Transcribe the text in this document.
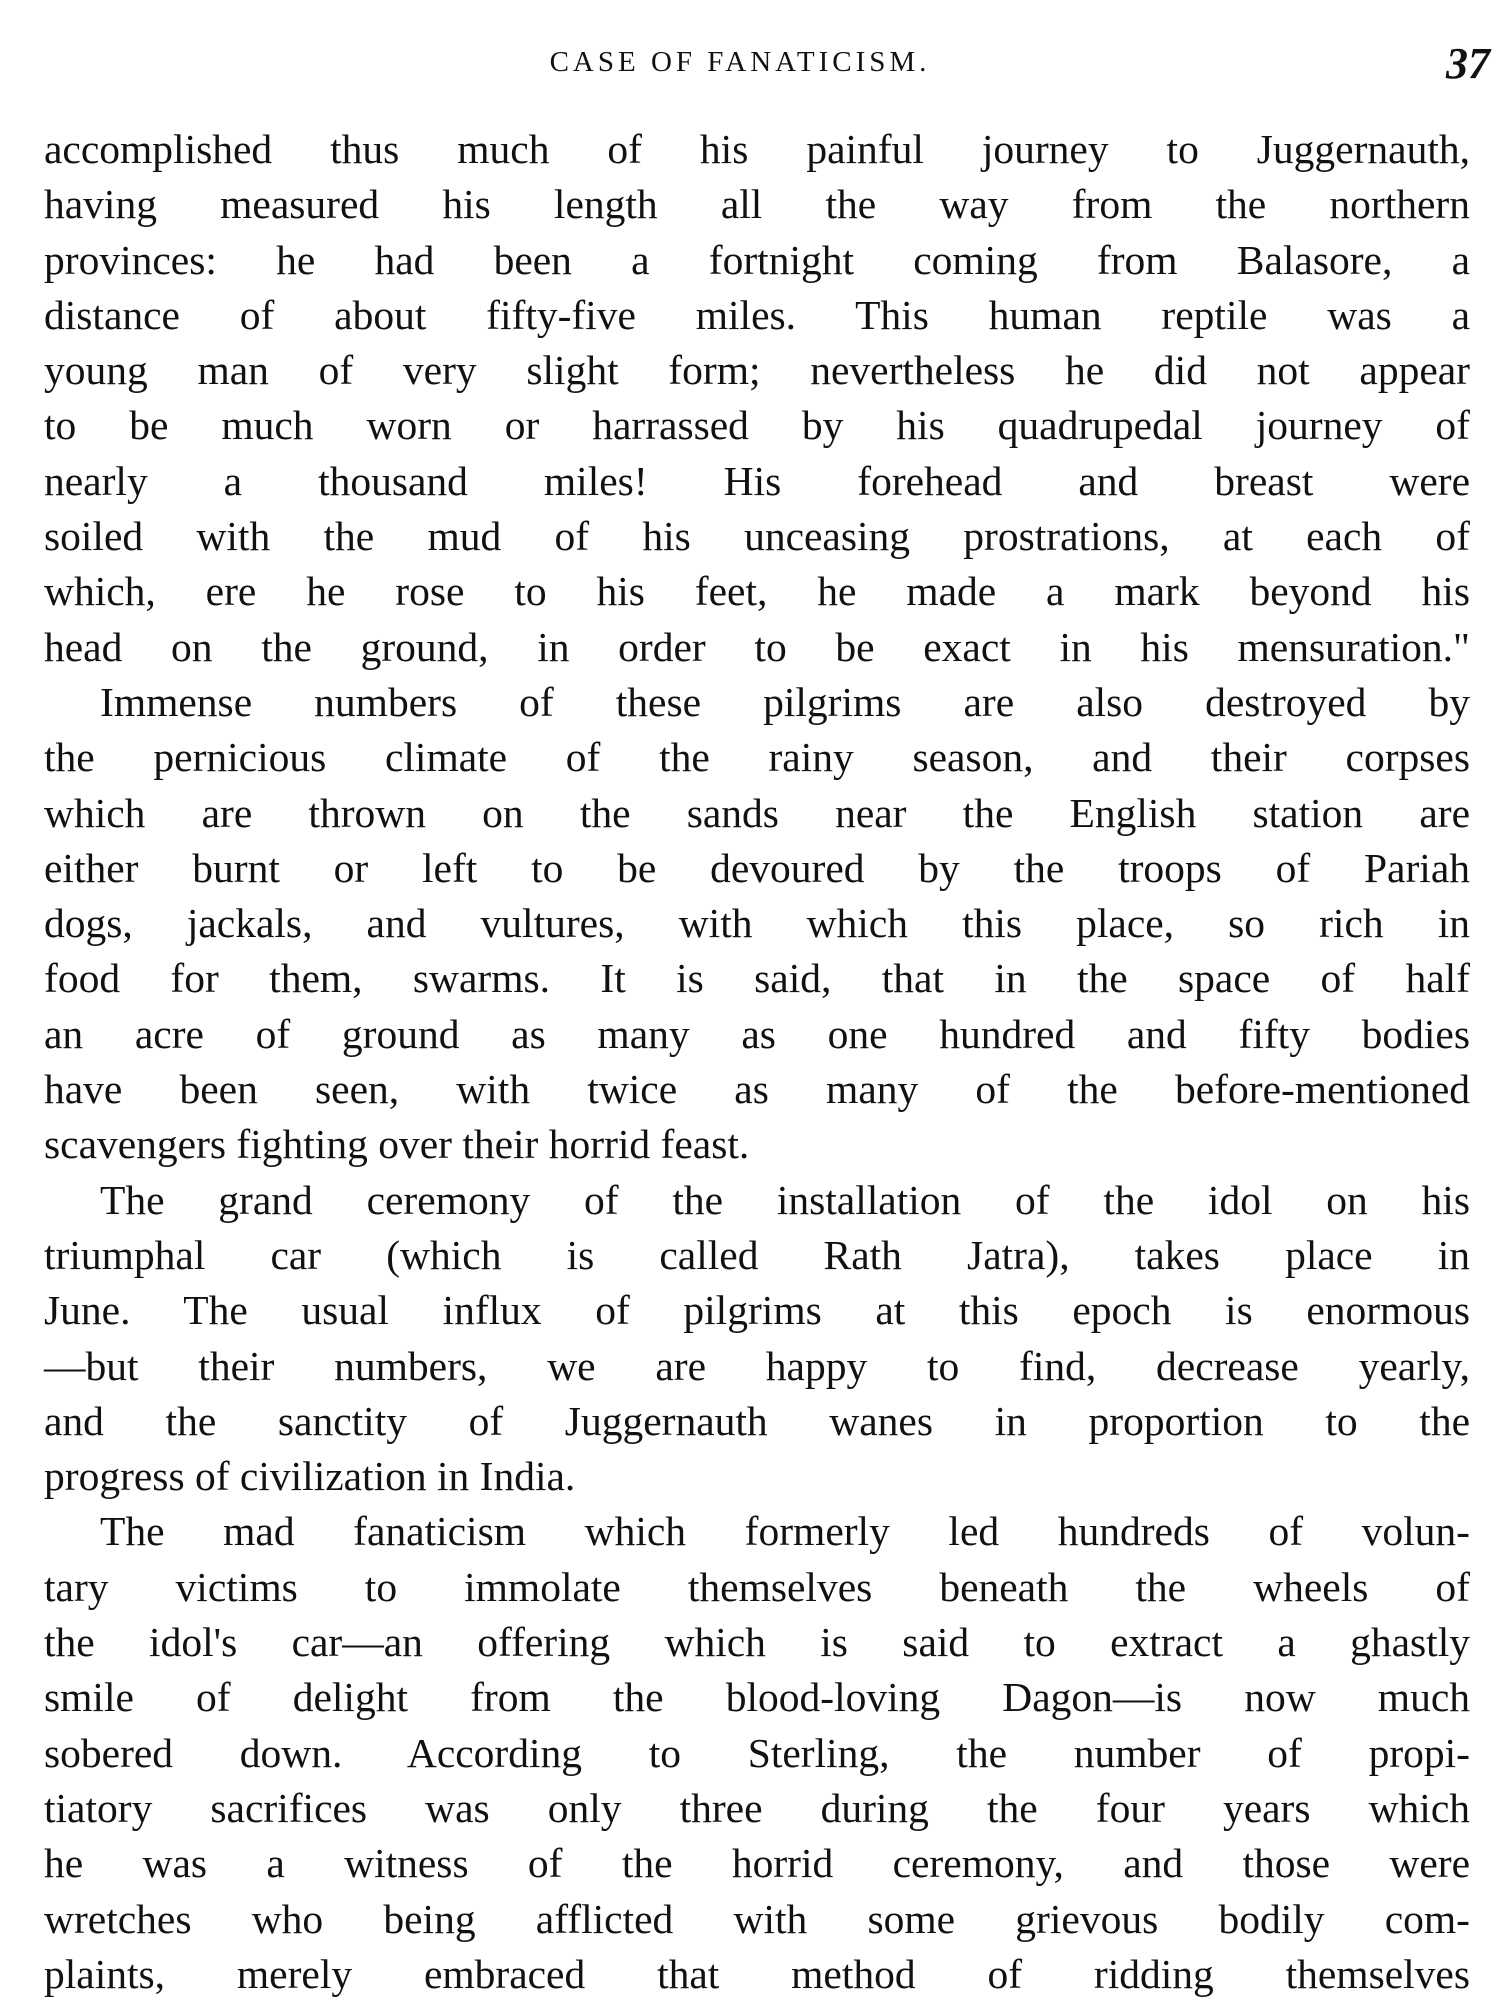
CASE OF FANATICISM.	37

accomplished thus much of his painful journey to Juggernauth,
having measured his length all the way from the northern
provinces: he had been a fortnight coming from Balasore, a
distance of about fifty-five miles. This human reptile was a
young man of very slight form; nevertheless he did not appear
to be much worn or harrassed by his quadrupedal journey of
nearly a thousand miles! His forehead and breast were
soiled with the mud of his unceasing prostrations, at each of
which, ere he rose to his feet, he made a mark beyond his
head on the ground, in order to be exact in his mensuration."

Immense numbers of these pilgrims are also destroyed by
the pernicious climate of the rainy season, and their corpses
which are thrown on the sands near the English station are
either burnt or left to be devoured by the troops of Pariah
dogs, jackals, and vultures, with which this place, so rich in
food for them, swarms. It is said, that in the space of half
an acre of ground as many as one hundred and fifty bodies
have been seen, with twice as many of the before-mentioned
scavengers fighting over their horrid feast.

The grand ceremony of the installation of the idol on his
triumphal car (which is called Rath Jatra), takes place in
June. The usual influx of pilgrims at this epoch is enormous
—but their numbers, we are happy to find, decrease yearly,
and the sanctity of Juggernauth wanes in proportion to the
progress of civilization in India.

The mad fanaticism which formerly led hundreds of volun-
tary victims to immolate themselves beneath the wheels of
the idol's car—an offering which is said to extract a ghastly
smile of delight from the blood-loving Dagon—is now much
sobered down. According to Sterling, the number of propi-
tiatory sacrifices was only three during the four years which
he was a witness of the horrid ceremony, and those were
wretches who being afflicted with some grievous bodily com-
plaints, merely embraced that method of ridding themselves
